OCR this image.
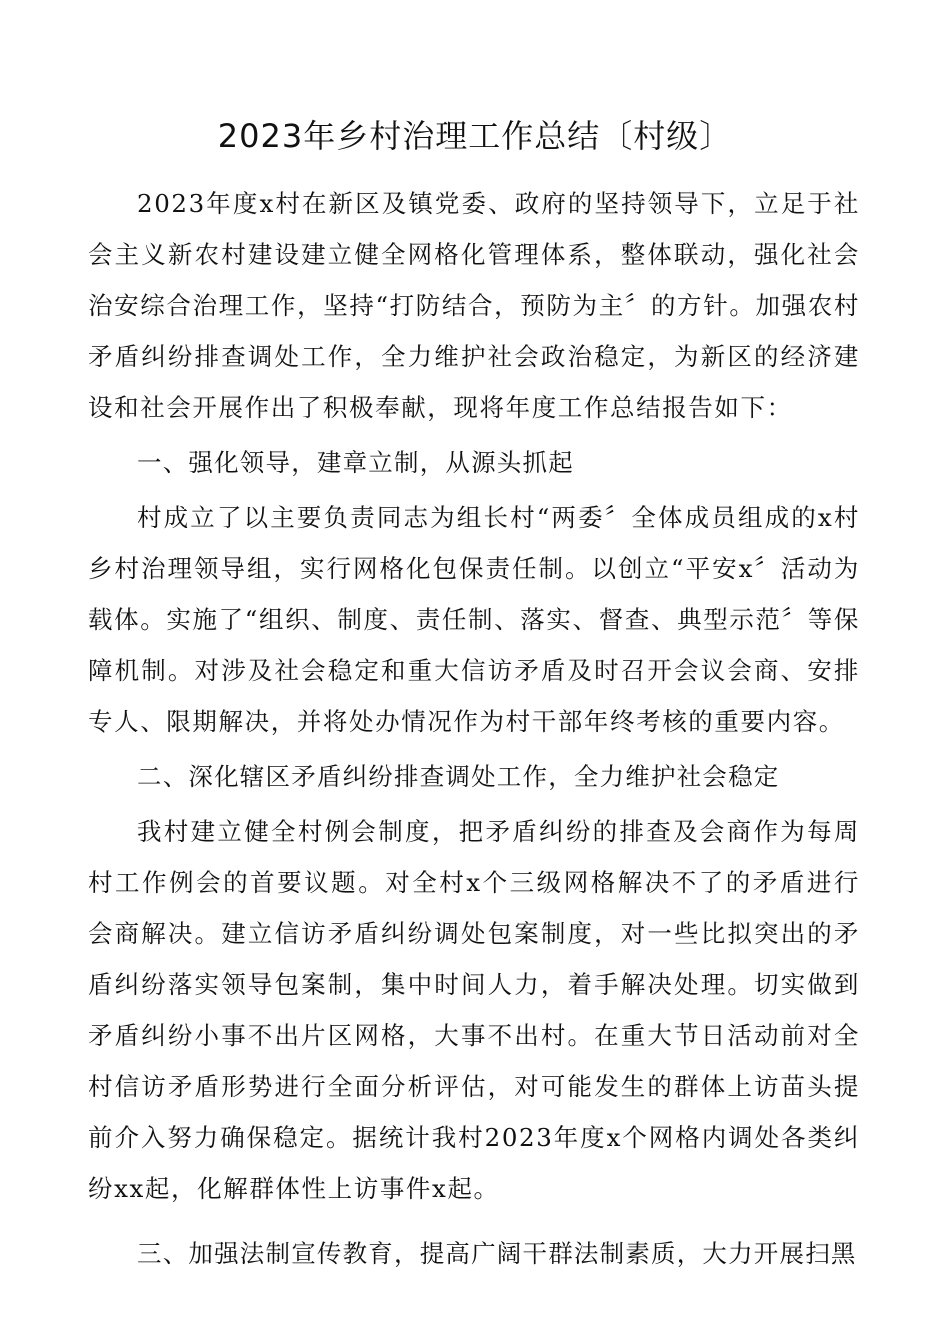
2023年乡村治理工作总结〔村级〕

2023年度x村在新区及镇党委、政府的坚持领导下，立足于社会主义新农村建设建立健全网格化管理体系，整体联动，强化社会治安综合治理工作，坚持“打防结合，预防为主〞的方针。加强农村矛盾纠纷排查调处工作，全力维护社会政治稳定，为新区的经济建设和社会开展作出了积极奉献，现将年度工作总结报告如下：

一、强化领导，建章立制，从源头抓起

村成立了以主要负责同志为组长村“两委〞全体成员组成的x村乡村治理领导组，实行网格化包保责任制。以创立“平安x〞活动为载体。实施了“组织、制度、责任制、落实、督查、典型示范〞等保障机制。对涉及社会稳定和重大信访矛盾及时召开会议会商、安排专人、限期解决，并将处办情况作为村干部年终考核的重要内容。

二、深化辖区矛盾纠纷排查调处工作，全力维护社会稳定

我村建立健全村例会制度，把矛盾纠纷的排查及会商作为每周村工作例会的首要议题。对全村x个三级网格解决不了的矛盾进行会商解决。建立信访矛盾纠纷调处包案制度，对一些比拟突出的矛盾纠纷落实领导包案制，集中时间人力，着手解决处理。切实做到矛盾纠纷小事不出片区网格，大事不出村。在重大节日活动前对全村信访矛盾形势进行全面分析评估，对可能发生的群体上访苗头提前介入努力确保稳定。据统计我村2023年度x个网格内调处各类纠纷xx起，化解群体性上访事件x起。

三、加强法制宣传教育，提高广阔干群法制素质，大力开展扫黑
